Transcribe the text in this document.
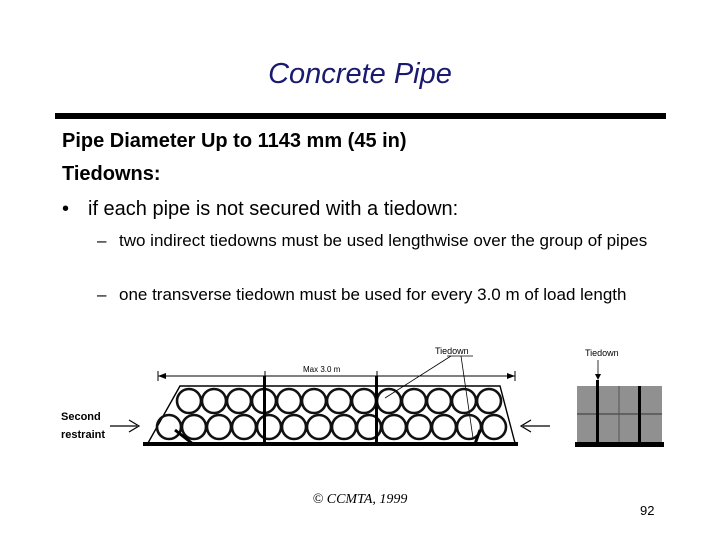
Concrete Pipe
Pipe Diameter Up to 1143 mm (45 in)
Tiedowns:
• if each pipe is not secured with a tiedown:
– two indirect tiedowns must be used lengthwise over the group of pipes
– one transverse tiedown must be used for every 3.0 m of load length
Max 3.0 m
Tiedown
Second
restraint
Tiedown
© CCMTA, 1999
92
